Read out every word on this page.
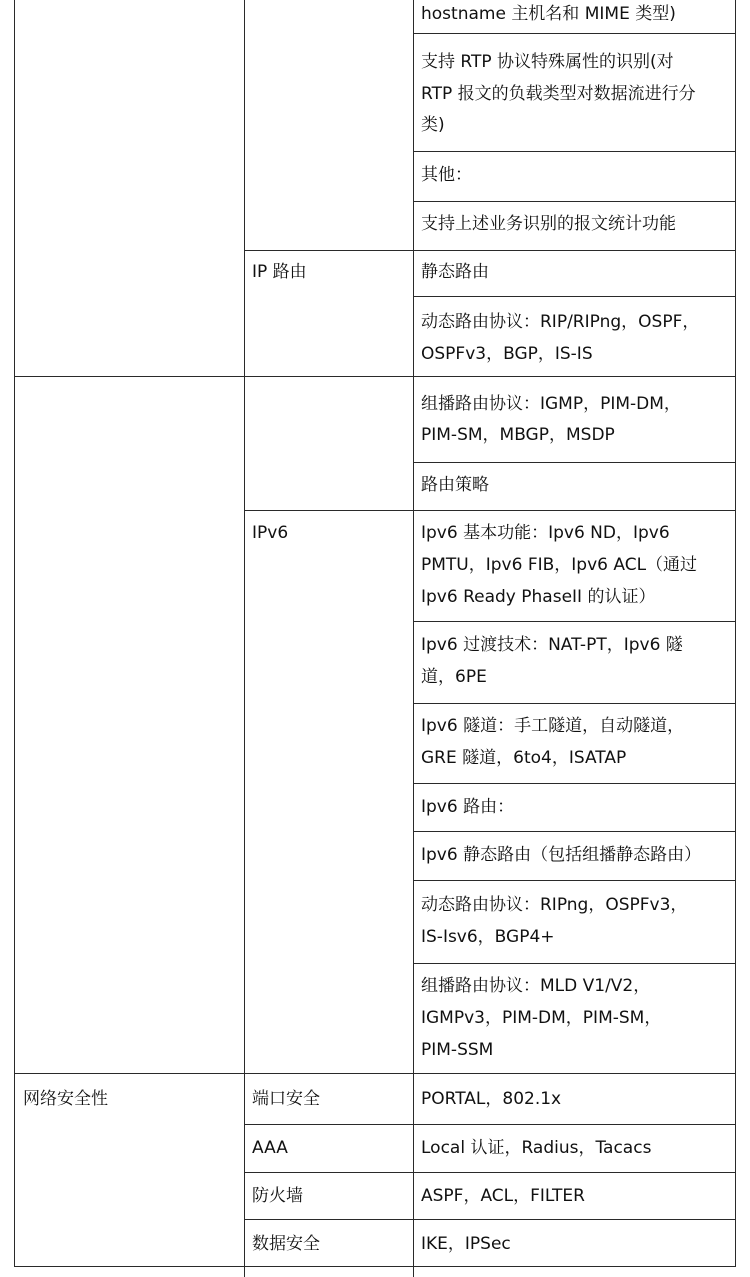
hostname 主机名和 MIME 类型)
支持 RTP 协议特殊属性的识别(对
RTP 报文的负载类型对数据流进行分
类)
其他：
支持上述业务识别的报文统计功能
IP 路由	静态路由
动态路由协议：RIP/RIPng，OSPF，
OSPFv3，BGP，IS-IS
组播路由协议：IGMP，PIM-DM，
PIM-SM，MBGP，MSDP
路由策略
IPv6	Ipv6 基本功能：Ipv6 ND，Ipv6
PMTU，Ipv6 FIB，Ipv6 ACL（通过
Ipv6 Ready PhaseII 的认证）
Ipv6 过渡技术：NAT-PT，Ipv6 隧
道，6PE
Ipv6 隧道：手工隧道，自动隧道，
GRE 隧道，6to4，ISATAP
Ipv6 路由：
Ipv6 静态路由（包括组播静态路由）
动态路由协议：RIPng，OSPFv3，
IS-Isv6，BGP4+
组播路由协议：MLD V1/V2，
IGMPv3，PIM-DM，PIM-SM，
PIM-SSM
网络安全性	端口安全	PORTAL，802.1x
AAA	Local 认证，Radius，Tacacs
防火墙	ASPF，ACL，FILTER
数据安全	IKE，IPSec
